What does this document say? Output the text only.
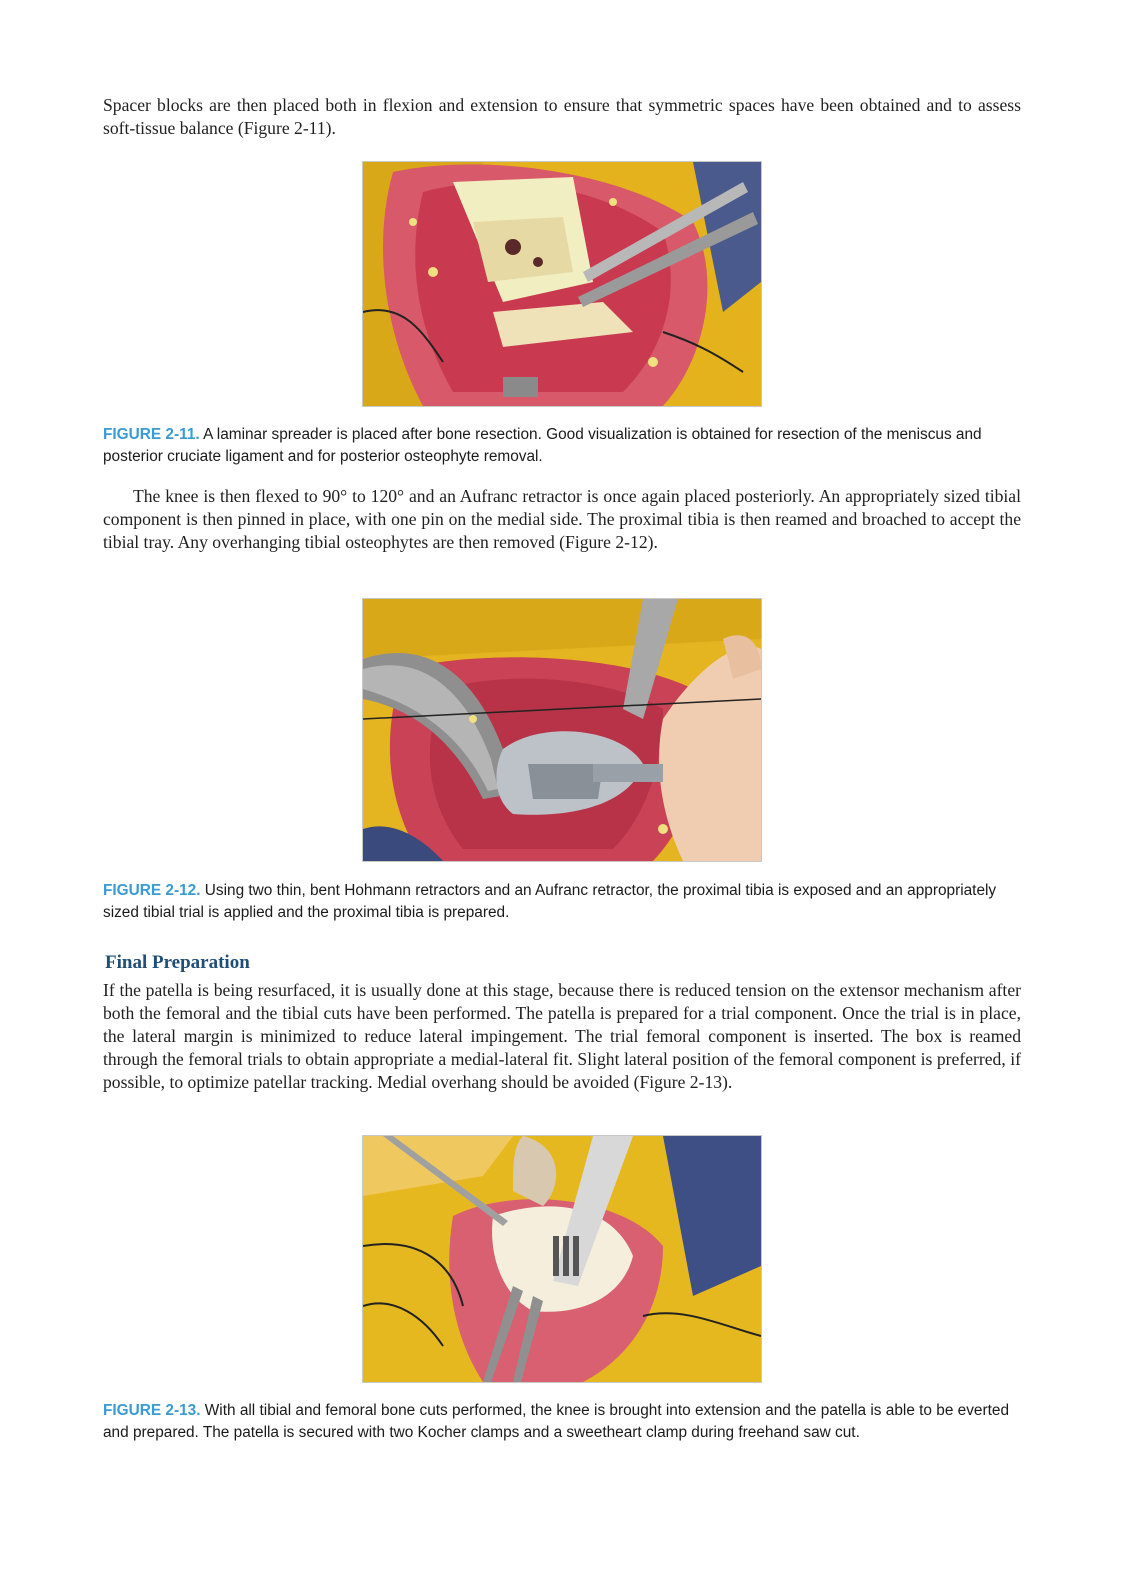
Spacer blocks are then placed both in flexion and extension to ensure that symmetric spaces have been obtained and to assess soft-tissue balance (Figure 2-11).

FIGURE 2-11. A laminar spreader is placed after bone resection. Good visualization is obtained for resection of the meniscus and posterior cruciate ligament and for posterior osteophyte removal.

The knee is then flexed to 90° to 120° and an Aufranc retractor is once again placed posteriorly. An appropriately sized tibial component is then pinned in place, with one pin on the medial side. The proximal tibia is then reamed and broached to accept the tibial tray. Any overhanging tibial osteophytes are then removed (Figure 2-12).

FIGURE 2-12. Using two thin, bent Hohmann retractors and an Aufranc retractor, the proximal tibia is exposed and an appropriately sized tibial trial is applied and the proximal tibia is prepared.

Final Preparation

If the patella is being resurfaced, it is usually done at this stage, because there is reduced tension on the extensor mechanism after both the femoral and the tibial cuts have been performed. The patella is prepared for a trial component. Once the trial is in place, the lateral margin is minimized to reduce lateral impingement. The trial femoral component is inserted. The box is reamed through the femoral trials to obtain appropriate a medial-lateral fit. Slight lateral position of the femoral component is preferred, if possible, to optimize patellar tracking. Medial overhang should be avoided (Figure 2-13).

FIGURE 2-13. With all tibial and femoral bone cuts performed, the knee is brought into extension and the patella is able to be everted and prepared. The patella is secured with two Kocher clamps and a sweetheart clamp during freehand saw cut.
